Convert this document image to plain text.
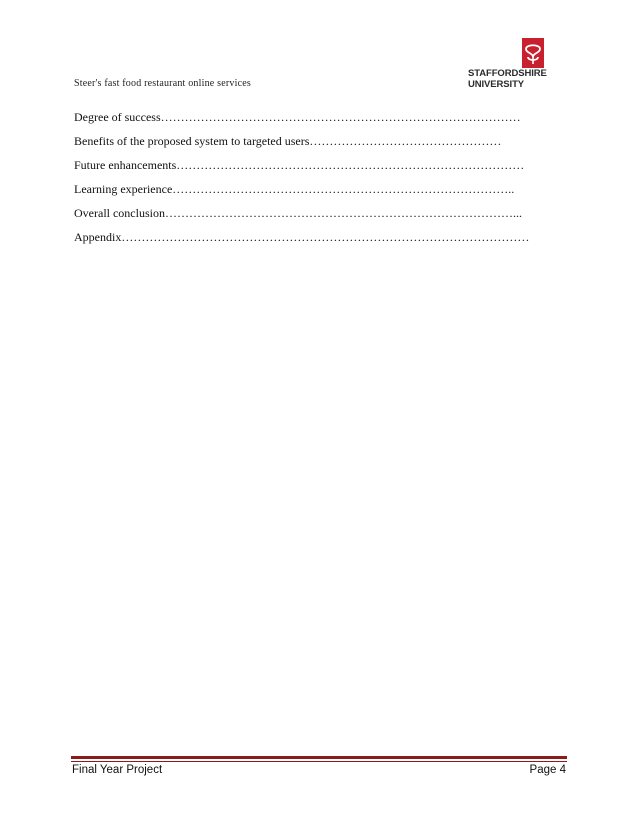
Steer's fast food restaurant online services
STAFFORDSHIRE
UNIVERSITY
Degree of success………………………………………………………………………………
Benefits of the proposed system to targeted users…………………………………………
Future enhancements……………………………………………………………………………
Learning experience…………………………………………………………………………..
Overall conclusion……………………………………………………………………………...
Appendix…………………………………………………………………………………………
Final Year Project	Page 4
